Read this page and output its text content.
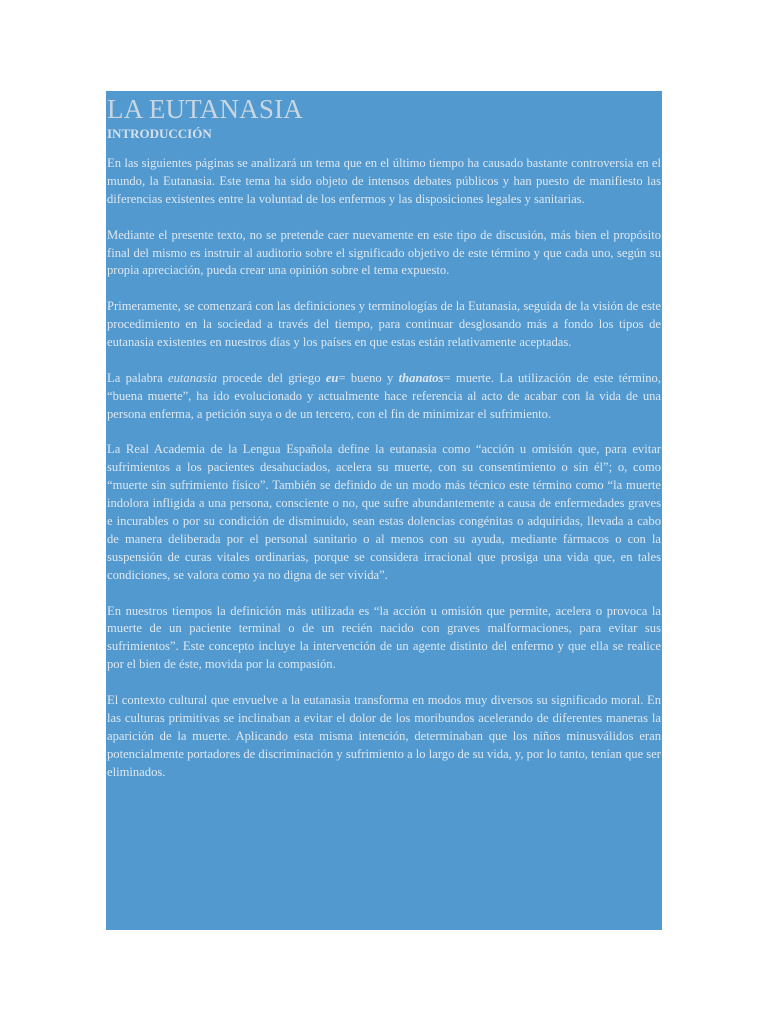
LA EUTANASIA
INTRODUCCIÓN

En las siguientes páginas se analizará un tema que en el último tiempo ha causado bastante controversia en el mundo, la Eutanasia. Este tema ha sido objeto de intensos debates públicos y han puesto de manifiesto las diferencias existentes entre la voluntad de los enfermos y las disposiciones legales y sanitarias.

Mediante el presente texto, no se pretende caer nuevamente en este tipo de discusión, más bien el propósito final del mismo es instruir al auditorio sobre el significado objetivo de este término y que cada uno, según su propia apreciación, pueda crear una opinión sobre el tema expuesto.

Primeramente, se comenzará con las definiciones y terminologías de la Eutanasia, seguida de la visión de este procedimiento en la sociedad a través del tiempo, para continuar desglosando más a fondo los tipos de eutanasia existentes en nuestros días y los países en que estas están relativamente aceptadas.

La palabra eutanasia procede del griego eu= bueno y thanatos= muerte. La utilización de este término, “buena muerte”, ha ido evolucionado y actualmente hace referencia al acto de acabar con la vida de una persona enferma, a petición suya o de un tercero, con el fin de minimizar el sufrimiento.

La Real Academia de la Lengua Española define la eutanasia como “acción u omisión que, para evitar sufrimientos a los pacientes desahuciados, acelera su muerte, con su consentimiento o sin él”; o, como “muerte sin sufrimiento físico”. También se definido de un modo más técnico este término como “la muerte indolora infligida a una persona, consciente o no, que sufre abundantemente a causa de enfermedades graves e incurables o por su condición de disminuido, sean estas dolencias congénitas o adquiridas, llevada a cabo de manera deliberada por el personal sanitario o al menos con su ayuda, mediante fármacos o con la suspensión de curas vitales ordinarias, porque se considera irracional que prosiga una vida que, en tales condiciones, se valora como ya no digna de ser vivida”.

En nuestros tiempos la definición más utilizada es “la acción u omisión que permite, acelera o provoca la muerte de un paciente terminal o de un recién nacido con graves malformaciones, para evitar sus sufrimientos”. Este concepto incluye la intervención de un agente distinto del enfermo y que ella se realice por el bien de éste, movida por la compasión.

El contexto cultural que envuelve a la eutanasia transforma en modos muy diversos su significado moral. En las culturas primitivas se inclinaban a evitar el dolor de los moribundos acelerando de diferentes maneras la aparición de la muerte. Aplicando esta misma intención, determinaban que los niños minusválidos eran potencialmente portadores de discriminación y sufrimiento a lo largo de su vida, y, por lo tanto, tenían que ser eliminados.
